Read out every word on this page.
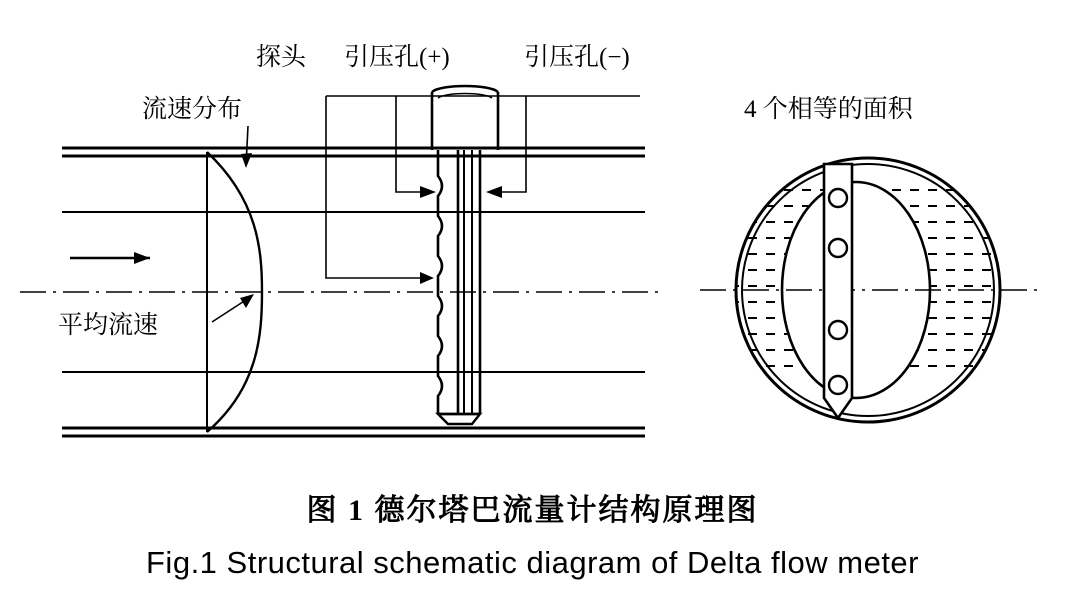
探头 引压孔(+)	引压孔(−)
流速分布
平均流速
4 个相等的面积
图 1 德尔塔巴流量计结构原理图
Fig.1 Structural schematic diagram of Delta flow meter
